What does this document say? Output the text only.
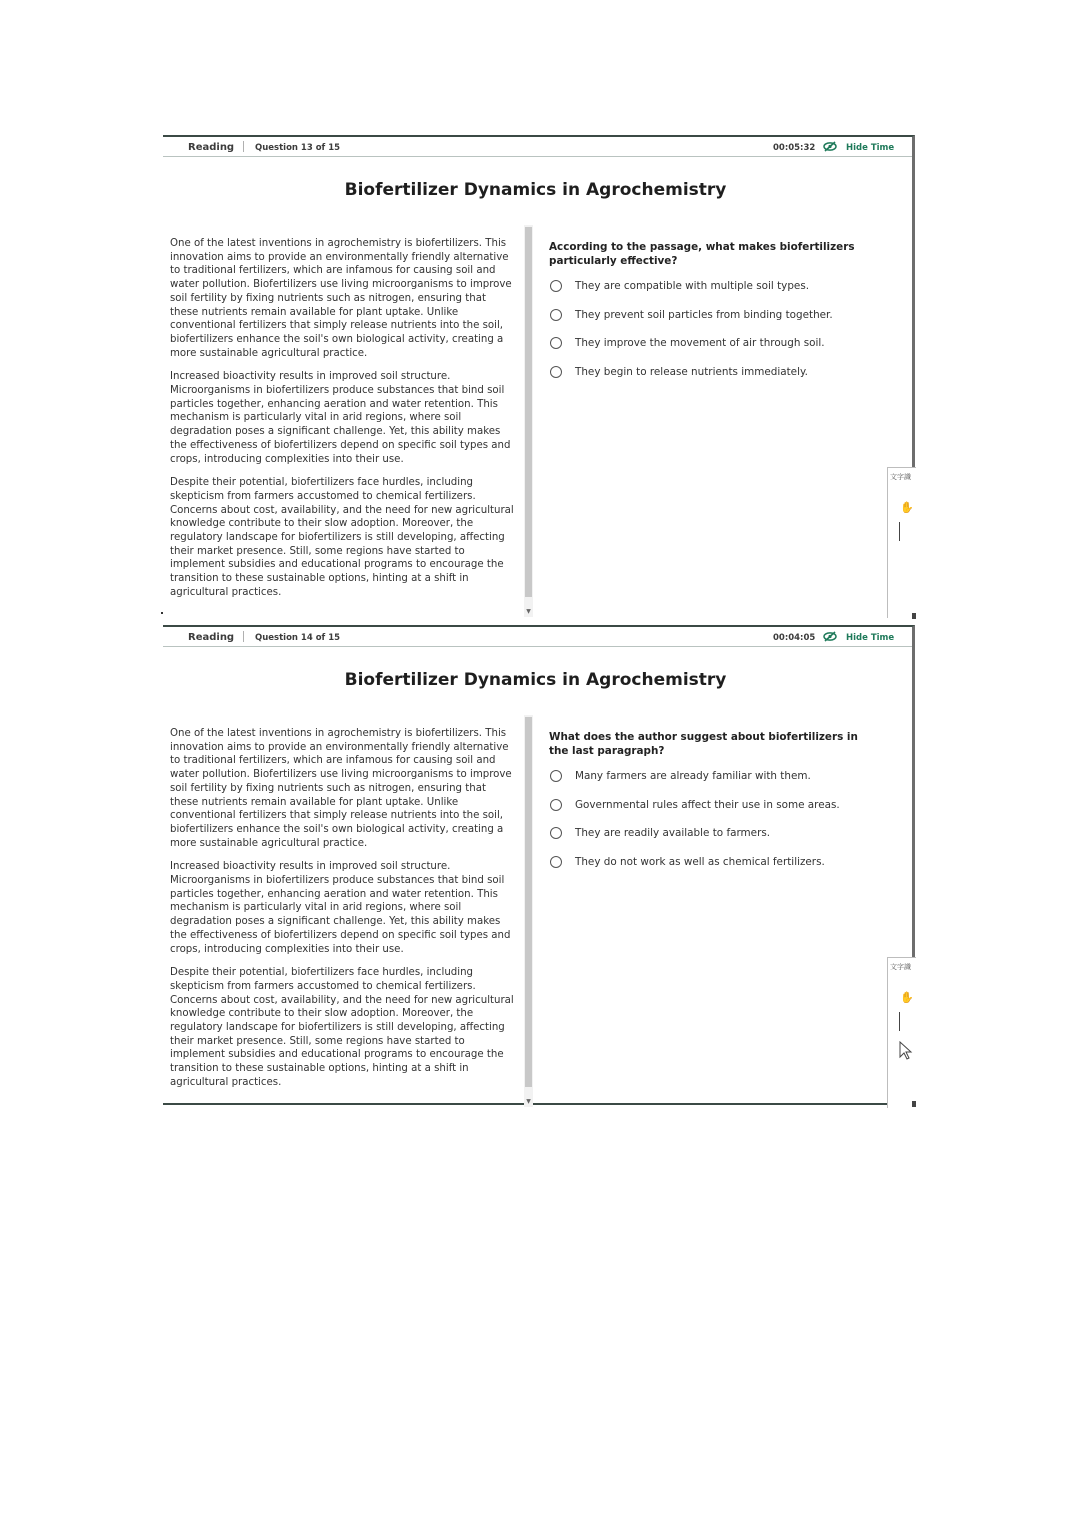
Reading Question 13 of 15	00:05:32	Hide Time
Biofertilizer Dynamics in Agrochemistry

One of the latest inventions in agrochemistry is biofertilizers. This innovation aims to provide an environmentally friendly alternative to traditional fertilizers, which are infamous for causing soil and water pollution. Biofertilizers use living microorganisms to improve soil fertility by fixing nutrients such as nitrogen, ensuring that these nutrients remain available for plant uptake. Unlike conventional fertilizers that simply release nutrients into the soil, biofertilizers enhance the soil's own biological activity, creating a more sustainable agricultural practice.

Increased bioactivity results in improved soil structure. Microorganisms in biofertilizers produce substances that bind soil particles together, enhancing aeration and water retention. This mechanism is particularly vital in arid regions, where soil degradation poses a significant challenge. Yet, this ability makes the effectiveness of biofertilizers depend on specific soil types and crops, introducing complexities into their use.

Despite their potential, biofertilizers face hurdles, including skepticism from farmers accustomed to chemical fertilizers. Concerns about cost, availability, and the need for new agricultural knowledge contribute to their slow adoption. Moreover, the regulatory landscape for biofertilizers is still developing, affecting their market presence. Still, some regions have started to implement subsidies and educational programs to encourage the transition to these sustainable options, hinting at a shift in agricultural practices.

▼
According to the passage, what makes biofertilizers particularly effective?
They are compatible with multiple soil types.
They prevent soil particles from binding together.
They improve the movement of air through soil.
They begin to release nutrients immediately.
文字識
✋
Reading Question 14 of 15	00:04:05	Hide Time
Biofertilizer Dynamics in Agrochemistry

One of the latest inventions in agrochemistry is biofertilizers. This innovation aims to provide an environmentally friendly alternative to traditional fertilizers, which are infamous for causing soil and water pollution. Biofertilizers use living microorganisms to improve soil fertility by fixing nutrients such as nitrogen, ensuring that these nutrients remain available for plant uptake. Unlike conventional fertilizers that simply release nutrients into the soil, biofertilizers enhance the soil's own biological activity, creating a more sustainable agricultural practice.

Increased bioactivity results in improved soil structure. Microorganisms in biofertilizers produce substances that bind soil particles together, enhancing aeration and water retention. This mechanism is particularly vital in arid regions, where soil degradation poses a significant challenge. Yet, this ability makes the effectiveness of biofertilizers depend on specific soil types and crops, introducing complexities into their use.

Despite their potential, biofertilizers face hurdles, including skepticism from farmers accustomed to chemical fertilizers. Concerns about cost, availability, and the need for new agricultural knowledge contribute to their slow adoption. Moreover, the regulatory landscape for biofertilizers is still developing, affecting their market presence. Still, some regions have started to implement subsidies and educational programs to encourage the transition to these sustainable options, hinting at a shift in agricultural practices.

▼
What does the author suggest about biofertilizers in the last paragraph?
Many farmers are already familiar with them.
Governmental rules affect their use in some areas.
They are readily available to farmers.
They do not work as well as chemical fertilizers.
文字識
✋
